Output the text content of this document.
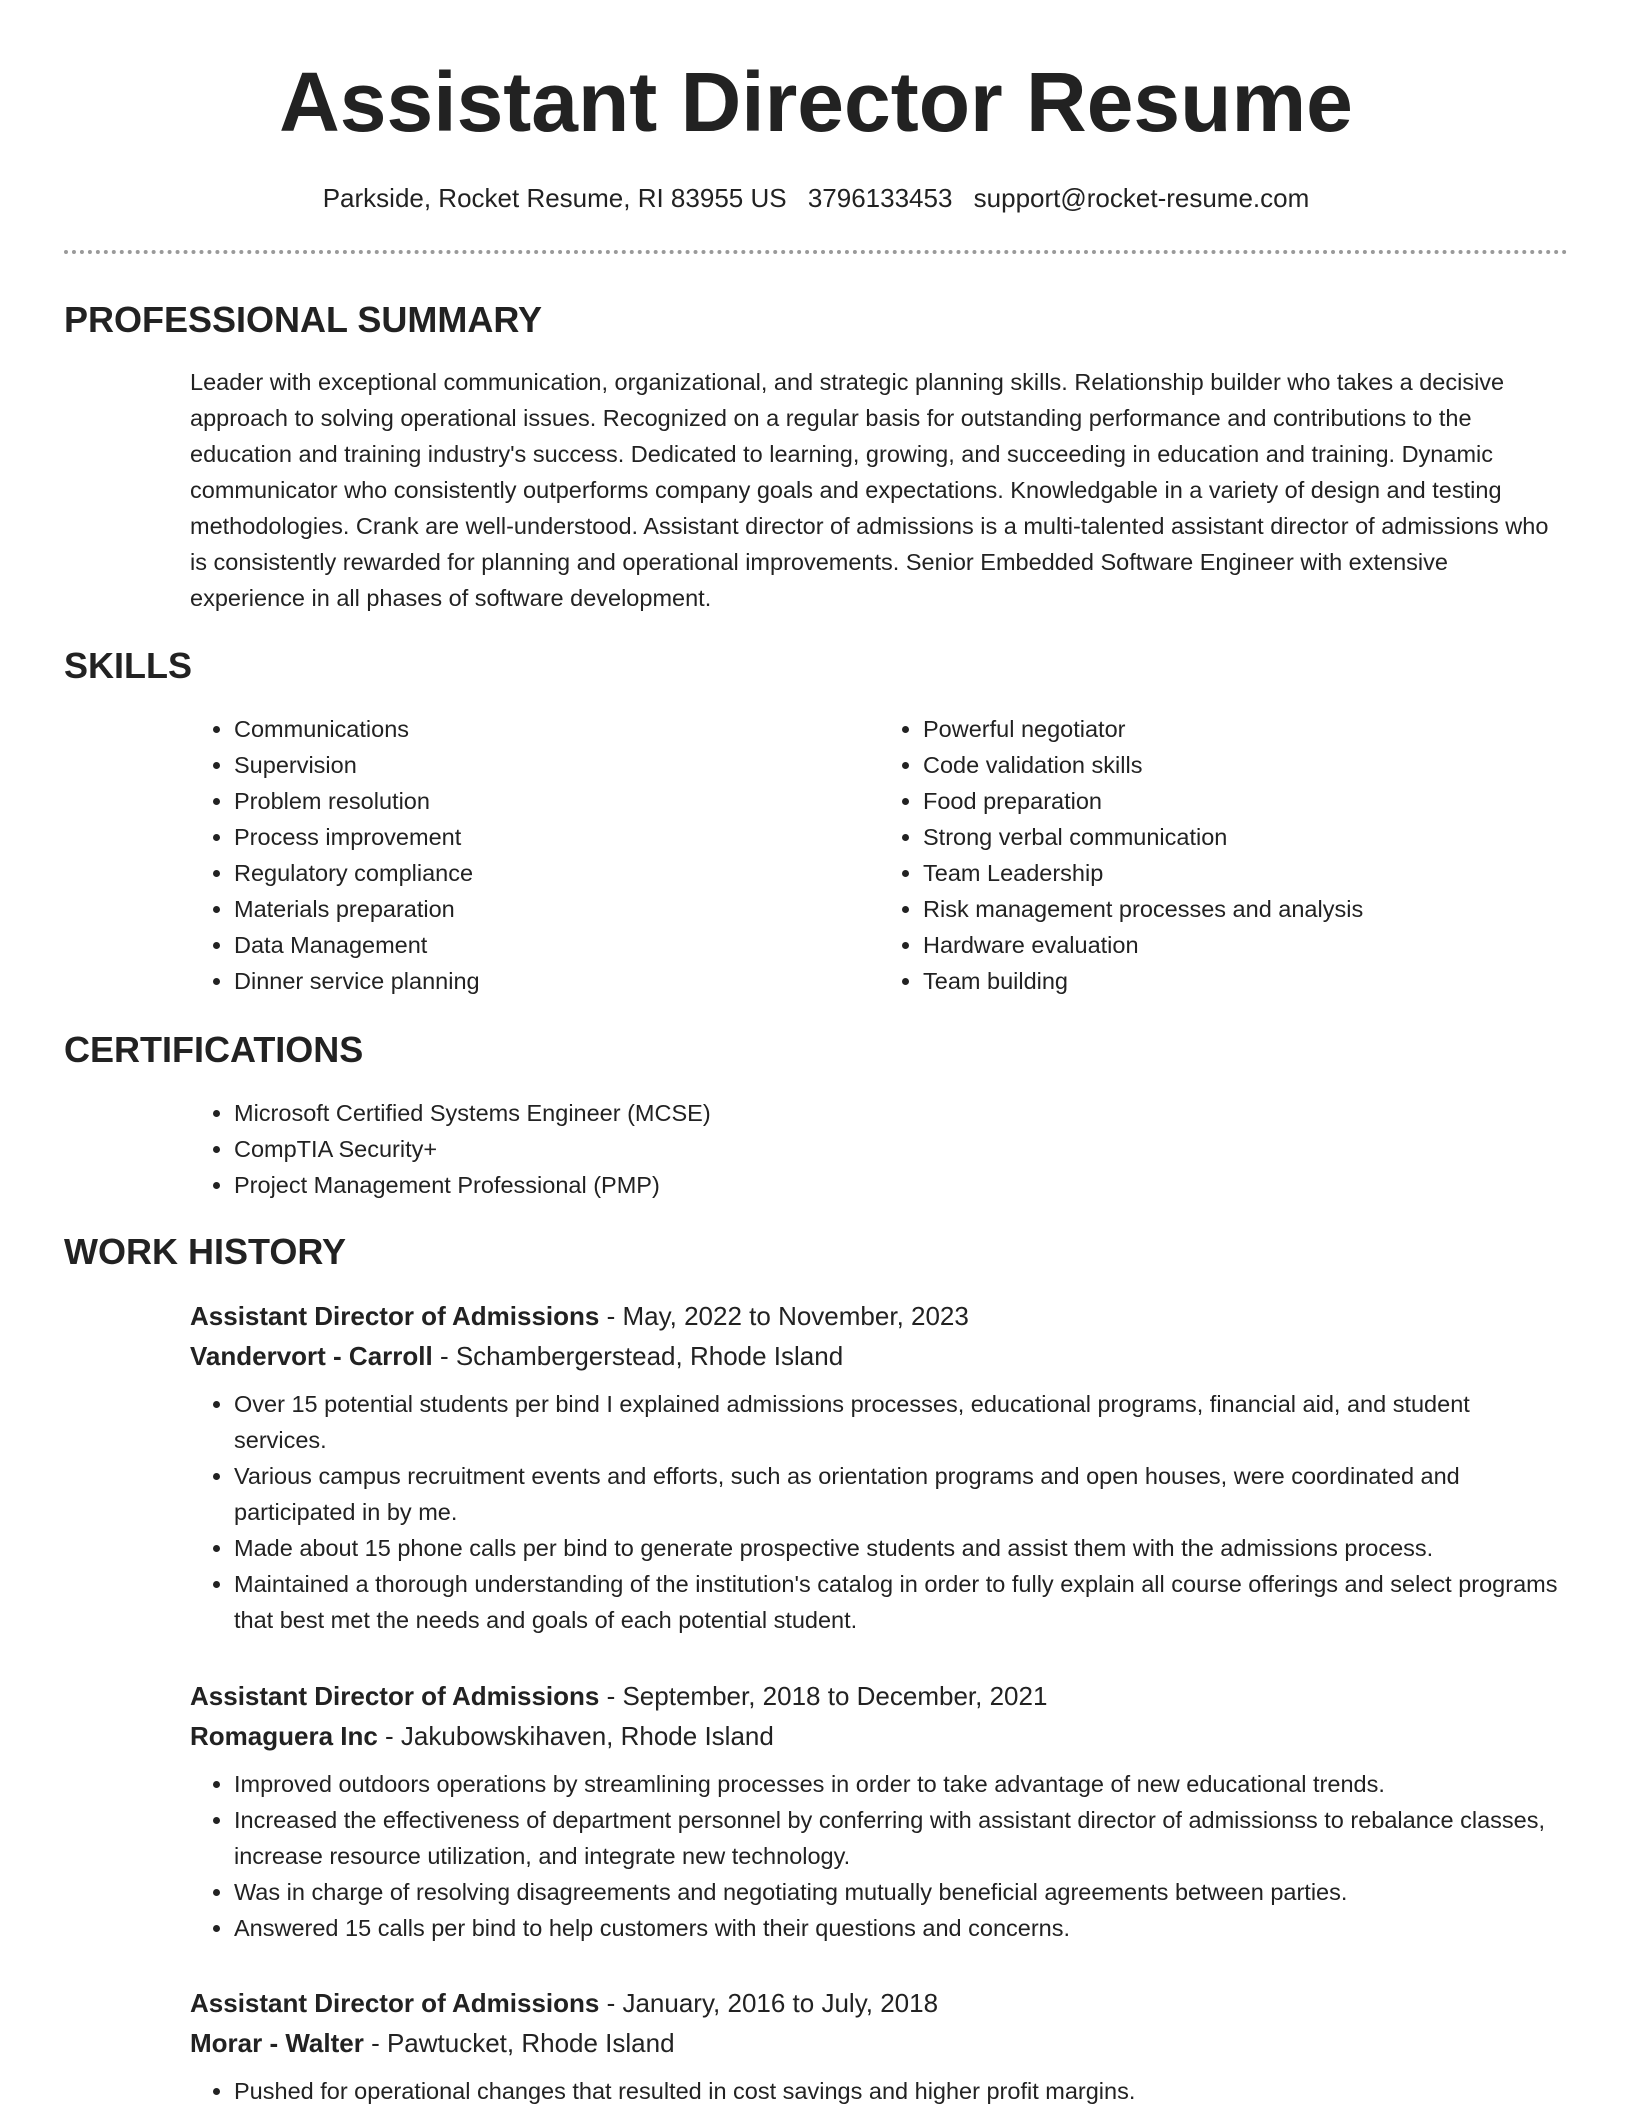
Assistant Director Resume
Parkside, Rocket Resume, RI 83955 US 3796133453 support@rocket-resume.com
PROFESSIONAL SUMMARY

Leader with exceptional communication, organizational, and strategic planning skills. Relationship builder who takes a decisive approach to solving operational issues. Recognized on a regular basis for outstanding performance and contributions to the education and training industry's success. Dedicated to learning, growing, and succeeding in education and training. Dynamic communicator who consistently outperforms company goals and expectations. Knowledgable in a variety of design and testing methodologies. Crank are well-understood. Assistant director of admissions is a multi-talented assistant director of admissions who is consistently rewarded for planning and operational improvements. Senior Embedded Software Engineer with extensive experience in all phases of software development.

SKILLS
• Communications
• Supervision
• Problem resolution
• Process improvement
• Regulatory compliance
• Materials preparation
• Data Management
• Dinner service planning
• Powerful negotiator
• Code validation skills
• Food preparation
• Strong verbal communication
• Team Leadership
• Risk management processes and analysis
• Hardware evaluation
• Team building
CERTIFICATIONS
• Microsoft Certified Systems Engineer (MCSE)
• CompTIA Security+
• Project Management Professional (PMP)
WORK HISTORY
Assistant Director of Admissions - May, 2022 to November, 2023
Vandervort - Carroll - Schambergerstead, Rhode Island
• Over 15 potential students per bind I explained admissions processes, educational programs, financial aid, and student services.
• Various campus recruitment events and efforts, such as orientation programs and open houses, were coordinated and participated in by me.
• Made about 15 phone calls per bind to generate prospective students and assist them with the admissions process.
• Maintained a thorough understanding of the institution's catalog in order to fully explain all course offerings and select programs that best met the needs and goals of each potential student.
Assistant Director of Admissions - September, 2018 to December, 2021
Romaguera Inc - Jakubowskihaven, Rhode Island
• Improved outdoors operations by streamlining processes in order to take advantage of new educational trends.
• Increased the effectiveness of department personnel by conferring with assistant director of admissionss to rebalance classes, increase resource utilization, and integrate new technology.
• Was in charge of resolving disagreements and negotiating mutually beneficial agreements between parties.
• Answered 15 calls per bind to help customers with their questions and concerns.
Assistant Director of Admissions - January, 2016 to July, 2018
Morar - Walter - Pawtucket, Rhode Island
• Pushed for operational changes that resulted in cost savings and higher profit margins.
